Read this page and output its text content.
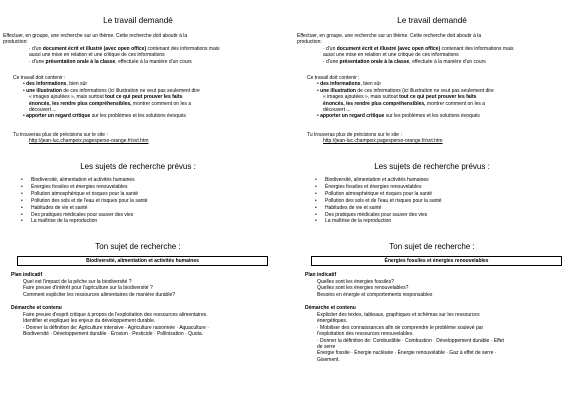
Le travail demandé

Effectuer, en groupe, une recherche sur un thème. Cette recherche doit aboutir à la

production:

· d'un document écrit et illustré (avec open office) contenant des informations mais

aussi une mise en relation et une critique de ces informations

· d'une présentation orale à la classe, effectuée à la manière d'un cours

Ce travail doit contenir :

• des informations, bien sûr

• une illustration de ces informations (ici illustration ne veut pas seulement dire

« images ajoutées », mais surtout tout ce qui peut prouver les faits

énoncés, les rendre plus compréhensibles, montrer comment on les a

découvert ...

• apporter un regard critique sur les problèmes et les solutions évoqués

Tu trouveras plus de précisions sur le site :

http://jean-luc.champeix.pagesperso-orange.fr/svt.htm

Les sujets de recherche prévus :
• Biodiversité, alimentation et activités humaines
• Énergies fossiles et énergies renouvelables
• Pollution atmosphérique et risques pour la santé
• Pollution des sols et de l'eau et risques pour la santé
• Habitudes de vie et santé
• Des pratiques médicales pour sauver des vies
• La maîtrise de la reproduction
Ton sujet de recherche :
Biodiversité, alimentation et activités humaines

Plan indicatif

Quel est l'impact de la pêche sur la biodiversité ?

Faire preuve d'intérêt pour l'agriculture sur la biodiversité ?

Comment expliciter les ressources alimentaires de manière durable?

Démarche et contenu

Faire preuve d'esprit critique à propos de l'exploitation des ressources alimentaires.

Identifier et expliquer les enjeux du développement durable.

· Donner la définition de: Agriculture intensive · Agriculture raisonnée · Aquaculture ·

Biodiversité · Développement durable · Érosion · Pesticide · Pollinisation · Quota.

Le travail demandé

Effectuer, en groupe, une recherche sur un thème. Cette recherche doit aboutir à la

production:

· d'un document écrit et illustré (avec open office) contenant des informations mais

aussi une mise en relation et une critique de ces informations

· d'une présentation orale à la classe, effectuée à la manière d'un cours

Ce travail doit contenir :

• des informations, bien sûr

• une illustration de ces informations (ici illustration ne veut pas seulement dire

« images ajoutées », mais surtout tout ce qui peut prouver les faits

énoncés, les rendre plus compréhensibles, montrer comment on les a

découvert ...

• apporter un regard critique sur les problèmes et les solutions évoqués

Tu trouveras plus de précisions sur le site :

http://jean-luc.champeix.pagesperso-orange.fr/svt.htm

Les sujets de recherche prévus :
• Biodiversité, alimentation et activités humaines
• Énergies fossiles et énergies renouvelables
• Pollution atmosphérique et risques pour la santé
• Pollution des sols et de l'eau et risques pour la santé
• Habitudes de vie et santé
• Des pratiques médicales pour sauver des vies
• La maîtrise de la reproduction
Ton sujet de recherche :
Énergies fossiles et énergies renouvelables

Plan indicatif

Quelles sont les énergies fossiles?

Quelles sont les énergies renouvelables?

Besoins en énergie et comportements responsables

Démarche et contenu

Expliciter des textes, tableaux, graphiques et schémas sur les ressources

énergétiques.

· Mobiliser des connaissances afin de comprendre le problème soulevé par

l'exploitation des ressources renouvelables.

· Donner la définition de: Combustible · Combustion · Développement durable · Effet

de serre

Énergie fossile · Énergie nucléaire · Énergie renouvelable · Gaz à effet de serre ·

Gisement.
